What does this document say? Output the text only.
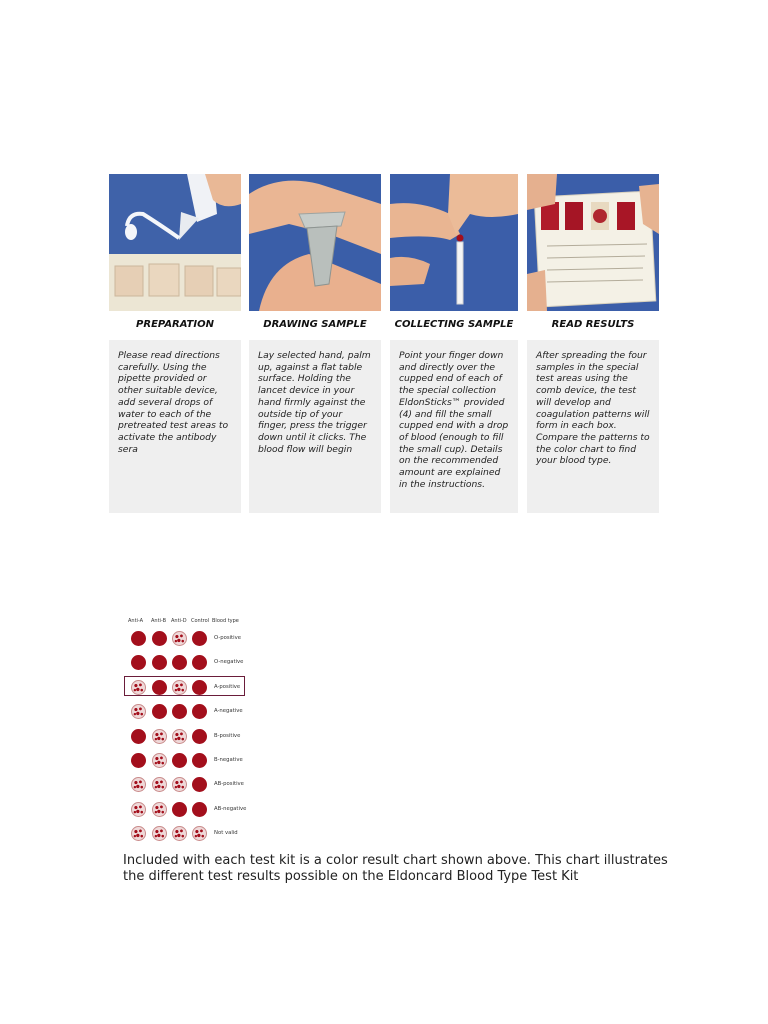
PREPARATION	DRAWING SAMPLE	COLLECTING SAMPLE	READ RESULTS
Please read directions carefully. Using the pipette provided or other suitable device, add several drops of water to each of the pretreated test areas to activate the antibody sera
Lay selected hand, palm up, against a flat table surface. Holding the lancet device in your hand firmly against the outside tip of your finger, press the trigger down until it clicks. The blood flow will begin
Point your finger down and directly over the cupped end of each of the special collection EldonSticks™ provided (4) and fill the small cupped end with a drop of blood (enough to fill the small cup). Details on the recommended amount are explained in the instructions.
After spreading the four samples in the special test areas using the comb device, the test will develop and coagulation patterns will form in each box. Compare the patterns to the color chart to find your blood type.
Anti-A Anti-B Anti-D Control Blood type
O-positive
O-negative
A-positive
A-negative
B-positive
B-negative
AB-positive
AB-negative
Not valid
Included with each test kit is a color result chart shown above. This chart illustrates the different test results possible on the Eldoncard Blood Type Test Kit
